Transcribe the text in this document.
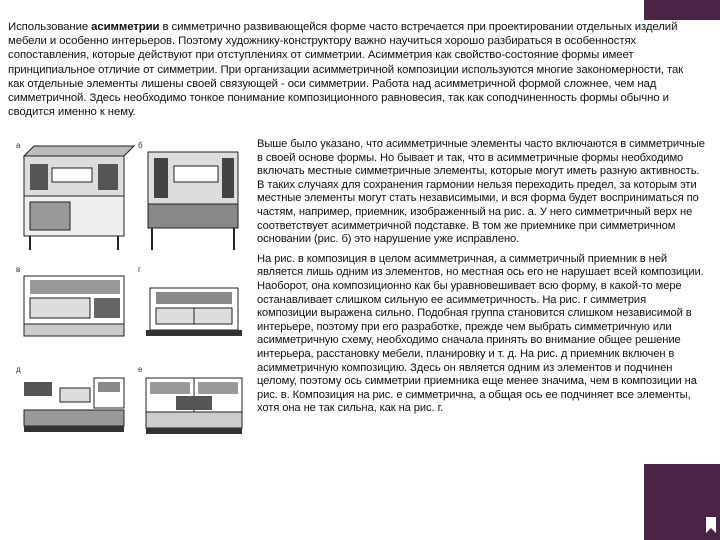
Использование асимметрии в симметрично развивающейся форме часто встречается при проектировании отдельных изделий мебели и особенно интерьеров. Поэтому художнику-конструктору важно научиться хорошо разбираться в особенностях сопоставления, которые действуют при отступлениях от симметрии. Асимметрия как свойство-состояние формы имеет принципиальное отличие от симметрии. При организации асимметричной композиции используются многие закономерности, так как отдельные элементы лишены своей связующей - оси симметрии. Работа над асимметричной формой сложнее, чем над симметричной. Здесь необходимо тонкое понимание композиционного равновесия, так как соподчиненность формы обычно и сводится именно к нему.

а	б
в	г
д	е

Выше было указано, что асимметричные элементы часто включаются в симметричные в своей основе формы. Но бывает и так, что в асимметричные формы необходимо включать местные симметричные элементы, которые могут иметь разную активность. В таких случаях для сохранения гармонии нельзя переходить предел, за которым эти местные элементы могут стать независимыми, и вся форма будет восприниматься по частям, например, приемник, изображенный на рис. а. У него симметричный верх не соответствует асимметричной подставке. В том же приемнике при симметричном основании (рис. б) это нарушение уже исправлено.

На рис. в композиция в целом асимметричная, а симметричный приемник в ней является лишь одним из элементов, но местная ось его не нарушает всей композиции. Наоборот, она композиционно как бы уравновешивает всю форму, в какой-то мере останавливает слишком сильную ее асимметричность. На рис. г симметрия композиции выражена сильно. Подобная группа становится слишком независимой в интерьере, поэтому при его разработке, прежде чем выбрать симметричную или асимметричную схему, необходимо сначала принять во внимание общее решение интерьера, расстановку мебели, планировку и т. д. На рис. д приемник включен в асимметричную композицию. Здесь он является одним из элементов и подчинен целому, поэтому ось симметрии приемника еще менее значима, чем в композиции на рис. в. Композиция на рис. е симметрична, а общая ось ее подчиняет все элементы, хотя она не так сильна, как на рис. г.
